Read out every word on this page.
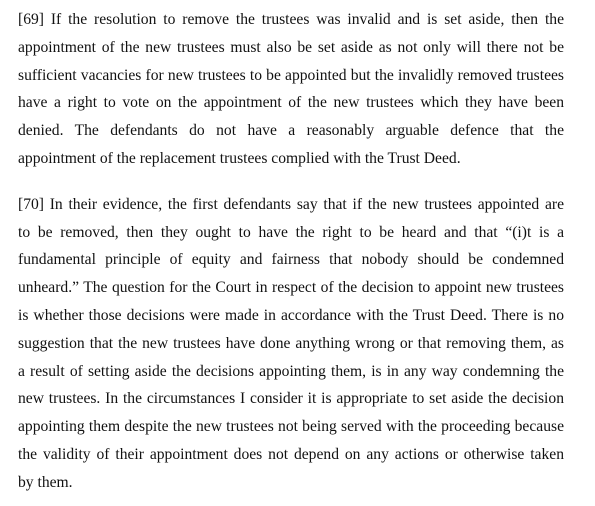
[69] If the resolution to remove the trustees was invalid and is set aside, then the
appointment of the new trustees must also be set aside as not only will there not be
sufficient vacancies for new trustees to be appointed but the invalidly removed trustees
have a right to vote on the appointment of the new trustees which they have been
denied. The defendants do not have a reasonably arguable defence that the
appointment of the replacement trustees complied with the Trust Deed.
[70] In their evidence, the first defendants say that if the new trustees appointed are
to be removed, then they ought to have the right to be heard and that “(i)t is a
fundamental principle of equity and fairness that nobody should be condemned
unheard.” The question for the Court in respect of the decision to appoint new trustees
is whether those decisions were made in accordance with the Trust Deed. There is no
suggestion that the new trustees have done anything wrong or that removing them, as
a result of setting aside the decisions appointing them, is in any way condemning the
new trustees. In the circumstances I consider it is appropriate to set aside the decision
appointing them despite the new trustees not being served with the proceeding because
the validity of their appointment does not depend on any actions or otherwise taken
by them.
